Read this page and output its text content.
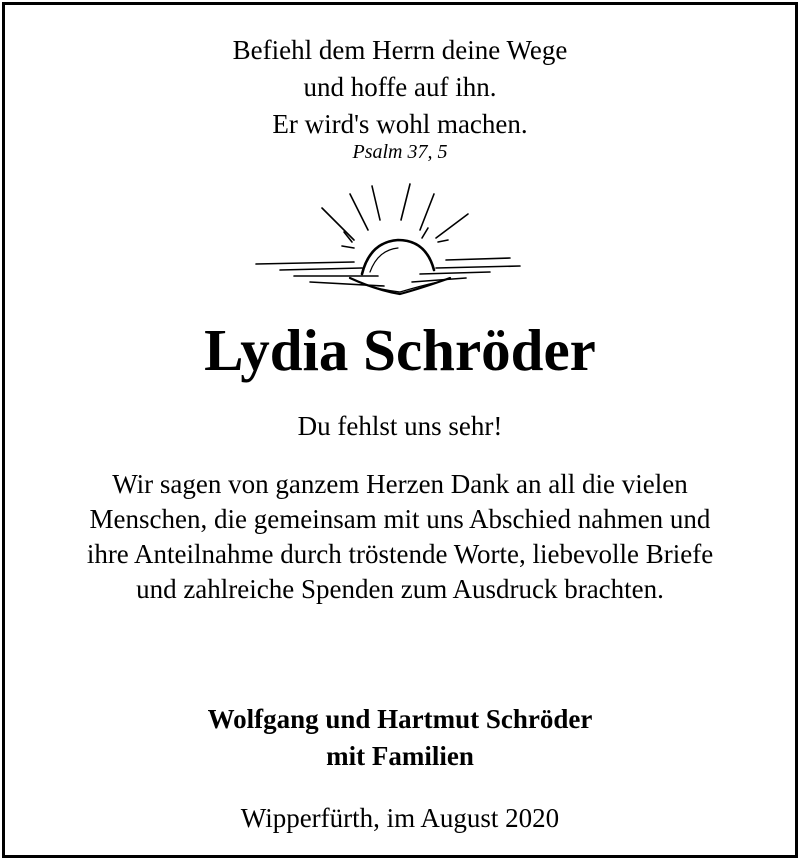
Befiehl dem Herrn deine Wege
und hoffe auf ihn.
Er wird's wohl machen.
Psalm 37, 5
Lydia Schröder
Du fehlst uns sehr!
Wir sagen von ganzem Herzen Dank an all die vielen
Menschen, die gemeinsam mit uns Abschied nahmen und
ihre Anteilnahme durch tröstende Worte, liebevolle Briefe
und zahlreiche Spenden zum Ausdruck brachten.
Wolfgang und Hartmut Schröder
mit Familien
Wipperfürth, im August 2020
